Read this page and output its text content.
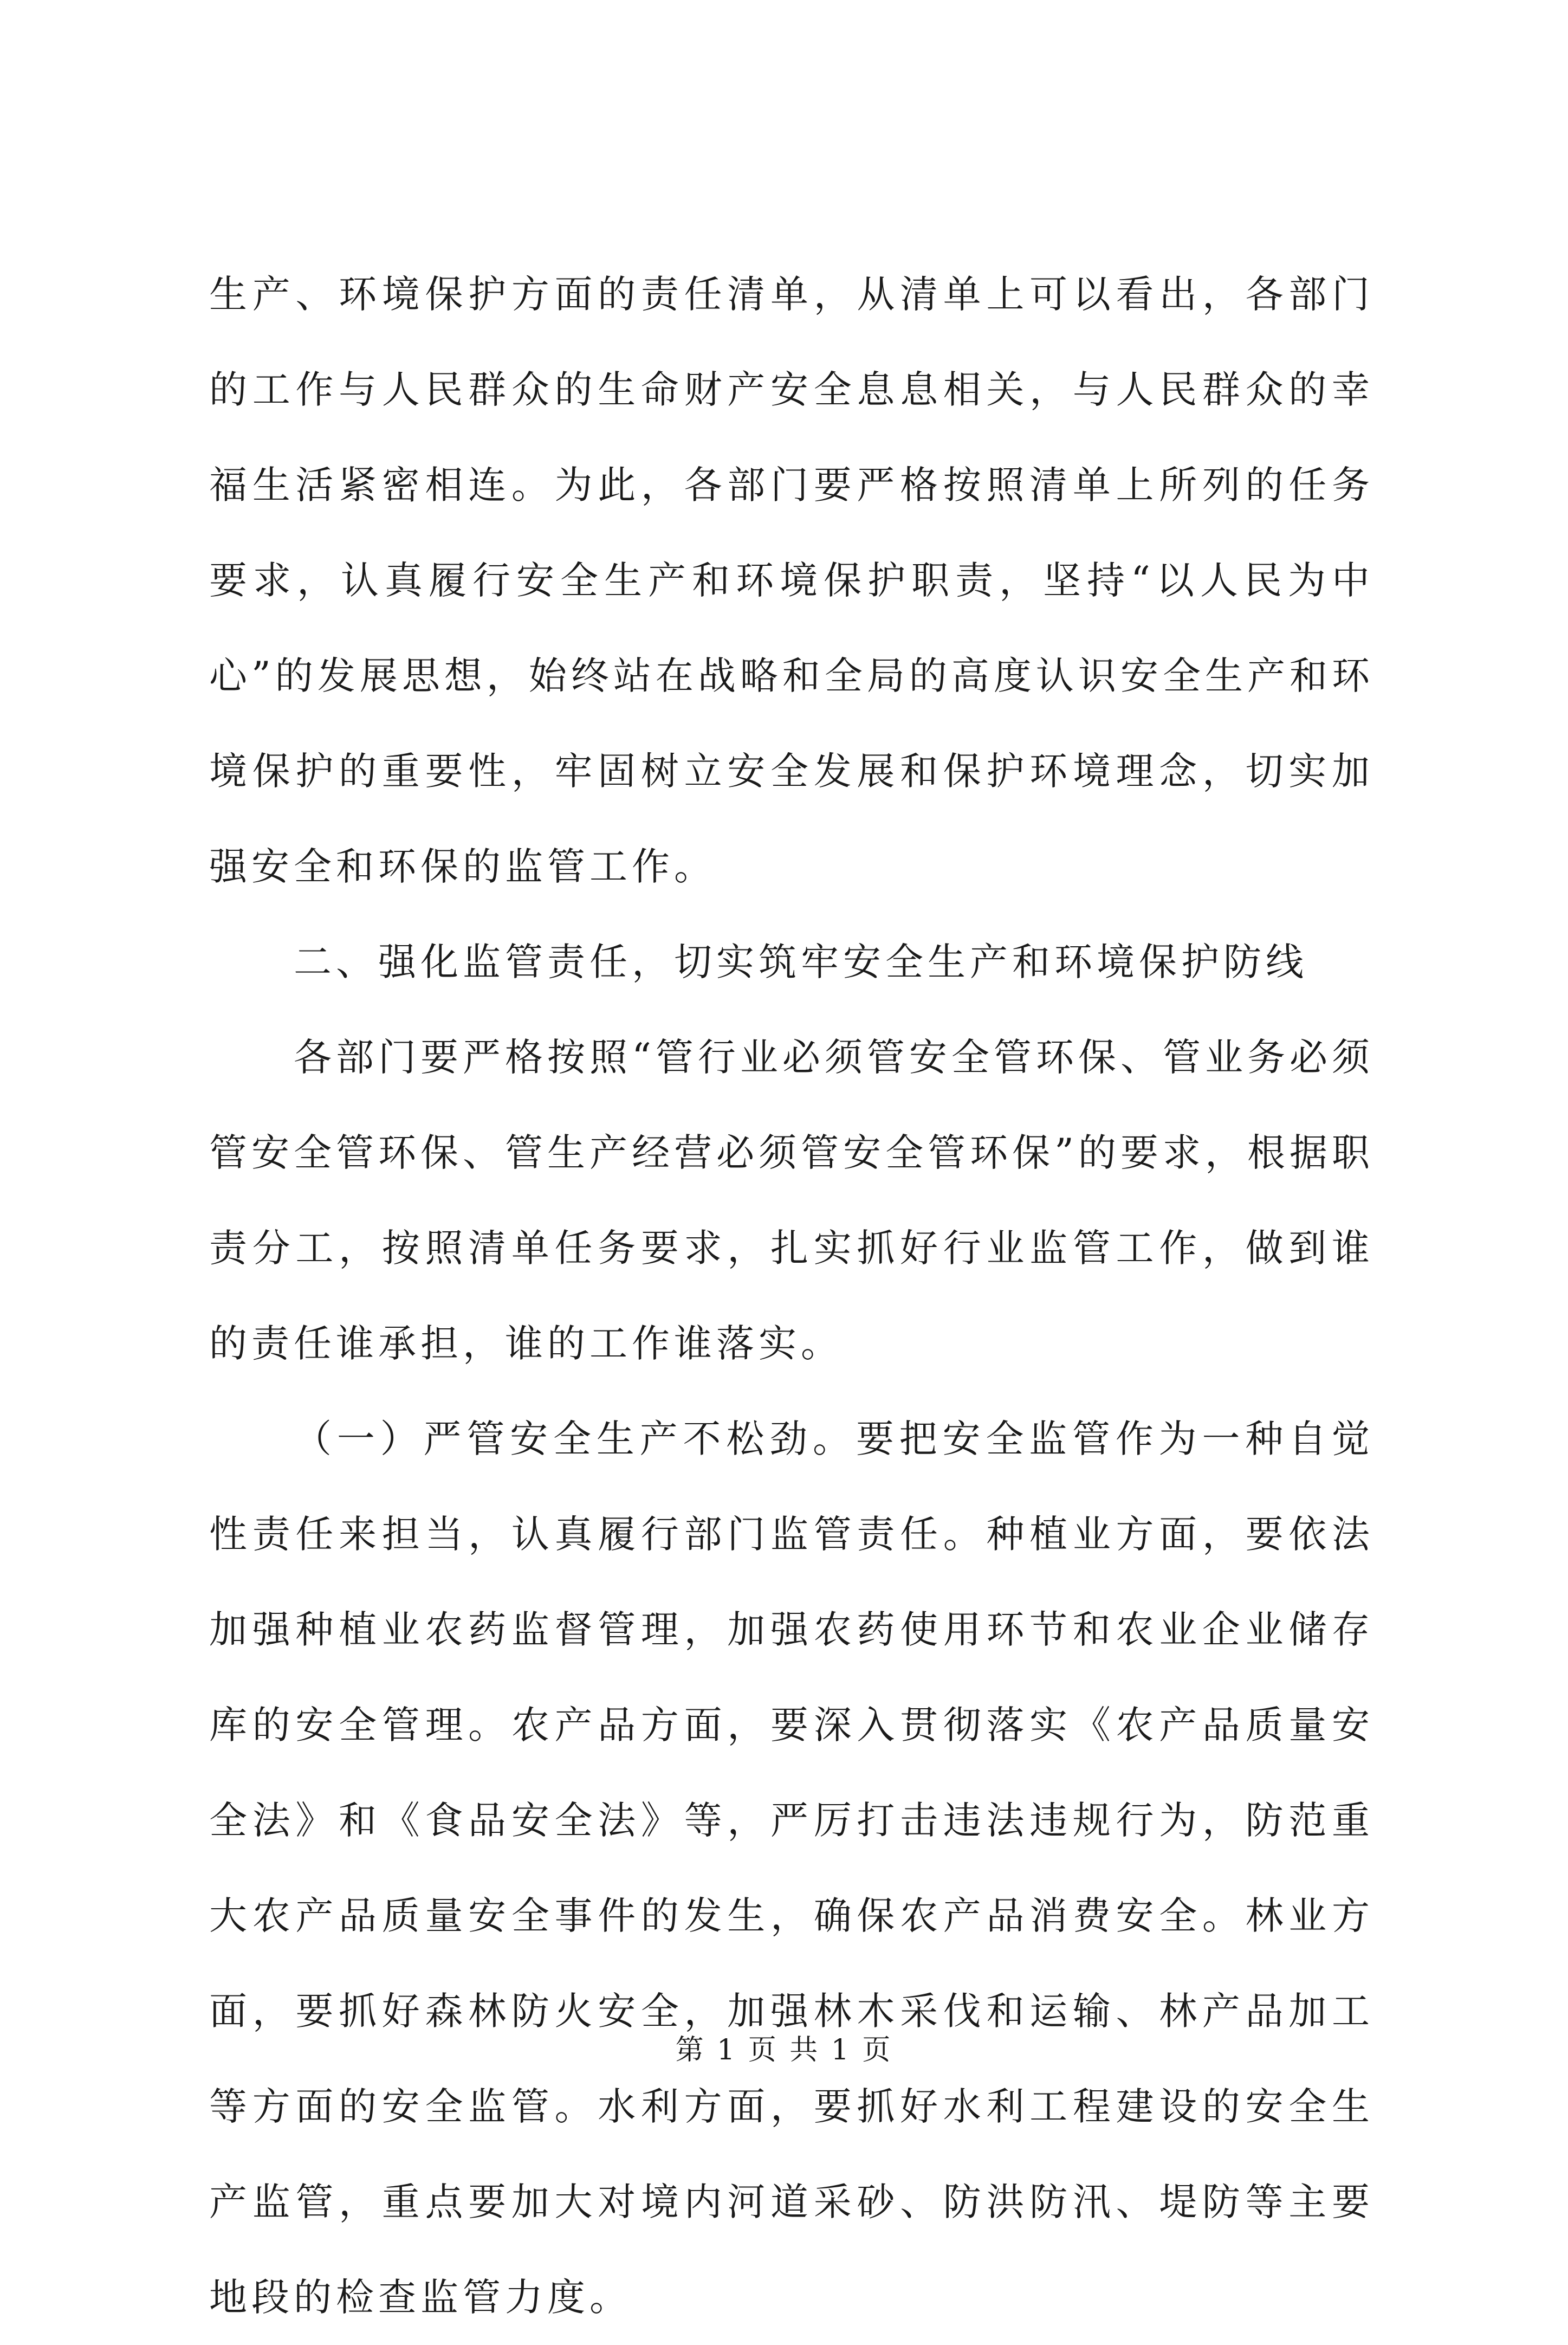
生产、环境保护方面的责任清单，从清单上可以看出，各部门的工作与人民群众的生命财产安全息息相关，与人民群众的幸福生活紧密相连。为此，各部门要严格按照清单上所列的任务要求，认真履行安全生产和环境保护职责，坚持“以人民为中心”的发展思想，始终站在战略和全局的高度认识安全生产和环境保护的重要性，牢固树立安全发展和保护环境理念，切实加强安全和环保的监管工作。

二、强化监管责任，切实筑牢安全生产和环境保护防线

各部门要严格按照“管行业必须管安全管环保、管业务必须管安全管环保、管生产经营必须管安全管环保”的要求，根据职责分工，按照清单任务要求，扎实抓好行业监管工作，做到谁的责任谁承担，谁的工作谁落实。

（一）严管安全生产不松劲。要把安全监管作为一种自觉性责任来担当，认真履行部门监管责任。种植业方面，要依法加强种植业农药监督管理，加强农药使用环节和农业企业储存库的安全管理。农产品方面，要深入贯彻落实《农产品质量安全法》和《食品安全法》等，严厉打击违法违规行为，防范重大农产品质量安全事件的发生，确保农产品消费安全。林业方面，要抓好森林防火安全，加强林木采伐和运输、林产品加工等方面的安全监管。水利方面，要抓好水利工程建设的安全生产监管，重点要加大对境内河道采砂、防洪防汛、堤防等主要地段的检查监管力度。

第 1 页 共 1 页
